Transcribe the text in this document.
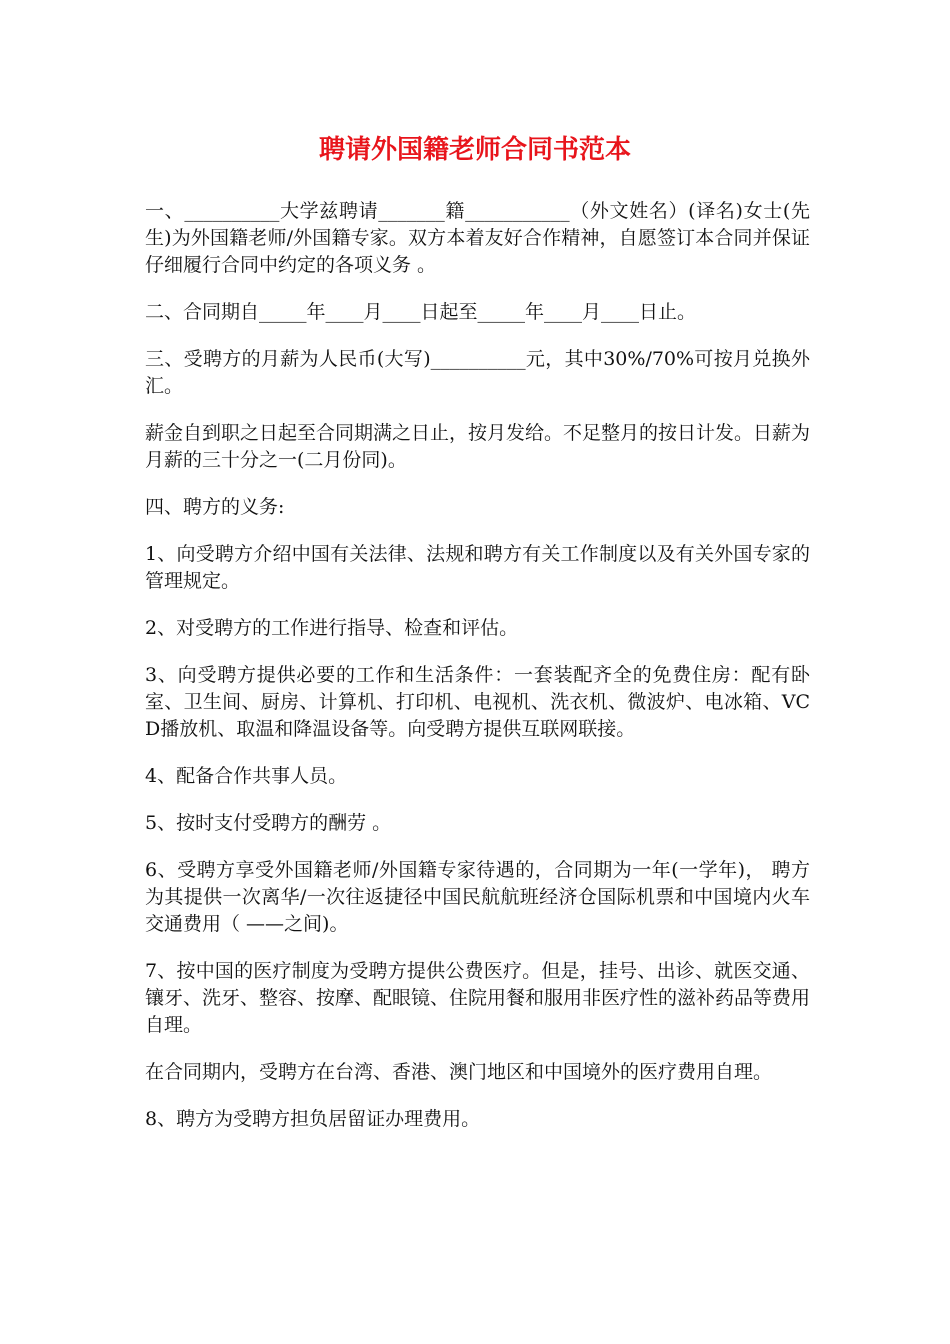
聘请外国籍老师合同书范本

一、__________大学兹聘请_______籍___________（外文姓名）(译名)女士(先生)为外国籍老师/外国籍专家。双方本着友好合作精神，自愿签订本合同并保证仔细履行合同中约定的各项义务 。

二、合同期自_____年____月____日起至_____年____月____日止。

三、受聘方的月薪为人民币(大写)__________元，其中30%/70%可按月兑换外汇。

薪金自到职之日起至合同期满之日止，按月发给。不足整月的按日计发。日薪为月薪的三十分之一(二月份同)。

四、聘方的义务:

1、向受聘方介绍中国有关法律、法规和聘方有关工作制度以及有关外国专家的管理规定。

2、对受聘方的工作进行指导、检查和评估。

3、向受聘方提供必要的工作和生活条件：一套装配齐全的免费住房：配有卧室、卫生间、厨房、计算机、打印机、电视机、洗衣机、微波炉、电冰箱、VCD播放机、取温和降温设备等。向受聘方提供互联网联接。

4、配备合作共事人员。

5、按时支付受聘方的酬劳 。

6、受聘方享受外国籍老师/外国籍专家待遇的，合同期为一年(一学年)， 聘方为其提供一次离华/一次往返捷径中国民航航班经济仓国际机票和中国境内火车交通费用（ ——之间)。

7、按中国的医疗制度为受聘方提供公费医疗。但是，挂号、出诊、就医交通、镶牙、洗牙、整容、按摩、配眼镜、住院用餐和服用非医疗性的滋补药品等费用自理。

在合同期内，受聘方在台湾、香港、澳门地区和中国境外的医疗费用自理。

8、聘方为受聘方担负居留证办理费用。
